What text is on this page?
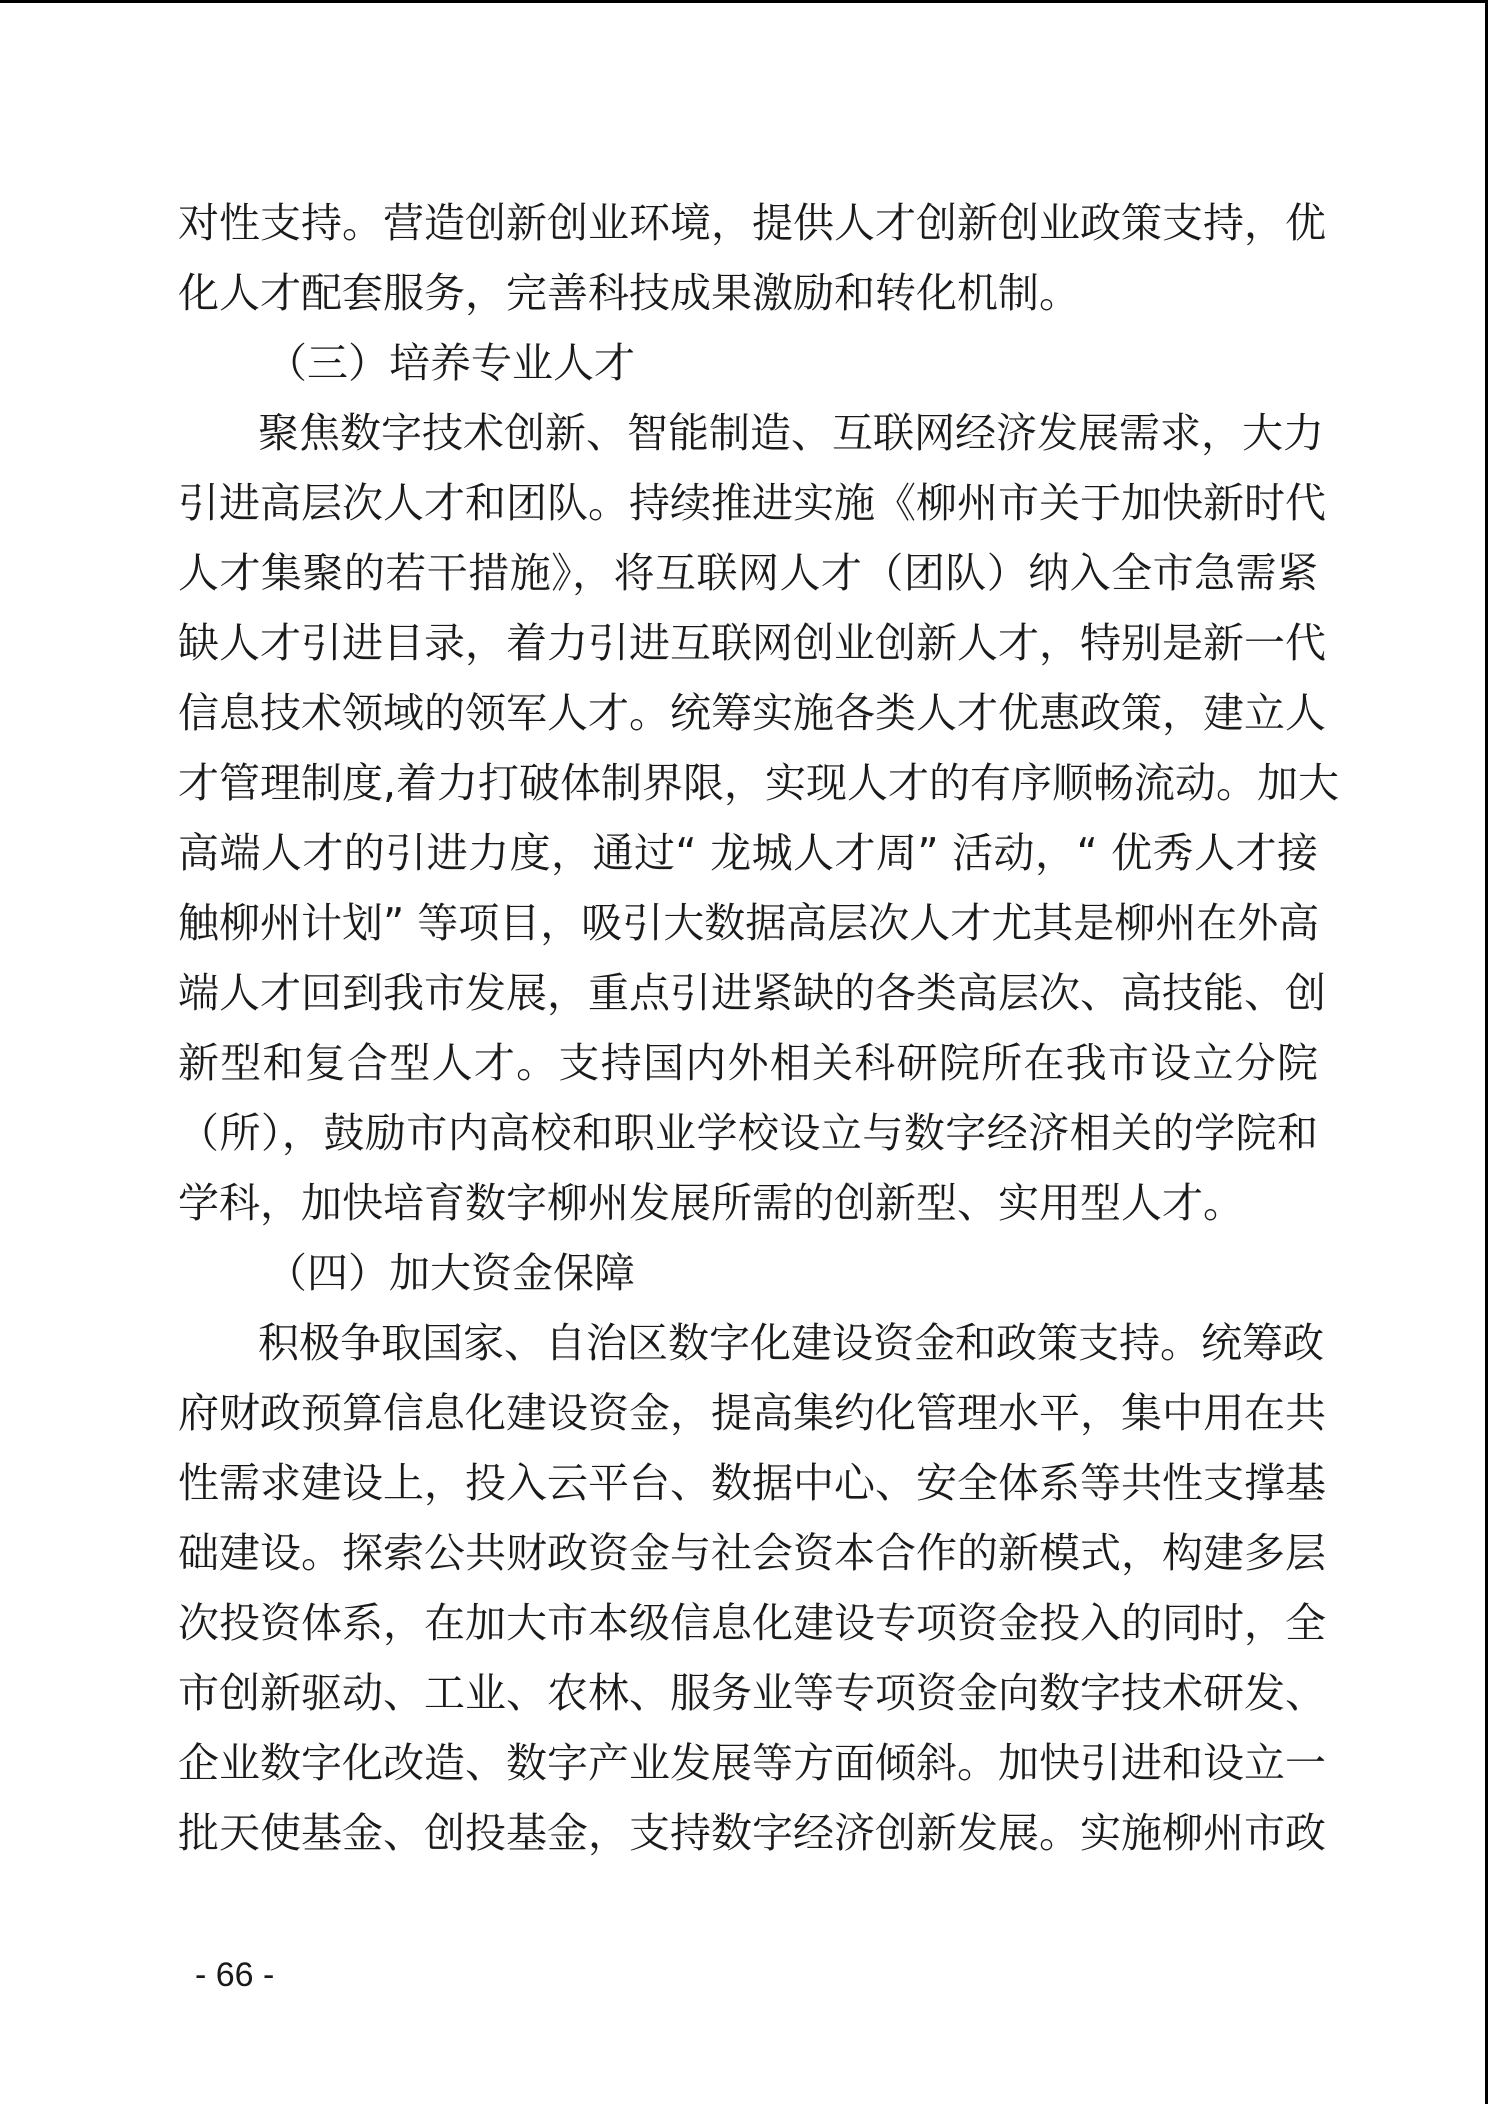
对性支持。营造创新创业环境，提供人才创新创业政策支持，优
化人才配套服务，完善科技成果激励和转化机制。
（三）培养专业人才
聚焦数字技术创新、智能制造、互联网经济发展需求，大力
引进高层次人才和团队。持续推进实施《柳州市关于加快新时代
人才集聚的若干措施》，将互联网人才（团队）纳入全市急需紧
缺人才引进目录，着力引进互联网创业创新人才，特别是新一代
信息技术领域的领军人才。统筹实施各类人才优惠政策，建立人
才管理制度,着力打破体制界限，实现人才的有序顺畅流动。加大
高端人才的引进力度，通过“ 龙城人才周” 活动，“ 优秀人才接
触柳州计划” 等项目，吸引大数据高层次人才尤其是柳州在外高
端人才回到我市发展，重点引进紧缺的各类高层次、高技能、创
新型和复合型人才。支持国内外相关科研院所在我市设立分院
（所），鼓励市内高校和职业学校设立与数字经济相关的学院和
学科，加快培育数字柳州发展所需的创新型、实用型人才。
（四）加大资金保障
积极争取国家、自治区数字化建设资金和政策支持。统筹政
府财政预算信息化建设资金，提高集约化管理水平，集中用在共
性需求建设上，投入云平台、数据中心、安全体系等共性支撑基
础建设。探索公共财政资金与社会资本合作的新模式，构建多层
次投资体系，在加大市本级信息化建设专项资金投入的同时，全
市创新驱动、工业、农林、服务业等专项资金向数字技术研发、
企业数字化改造、数字产业发展等方面倾斜。加快引进和设立一
批天使基金、创投基金，支持数字经济创新发展。实施柳州市政
- 66 -
